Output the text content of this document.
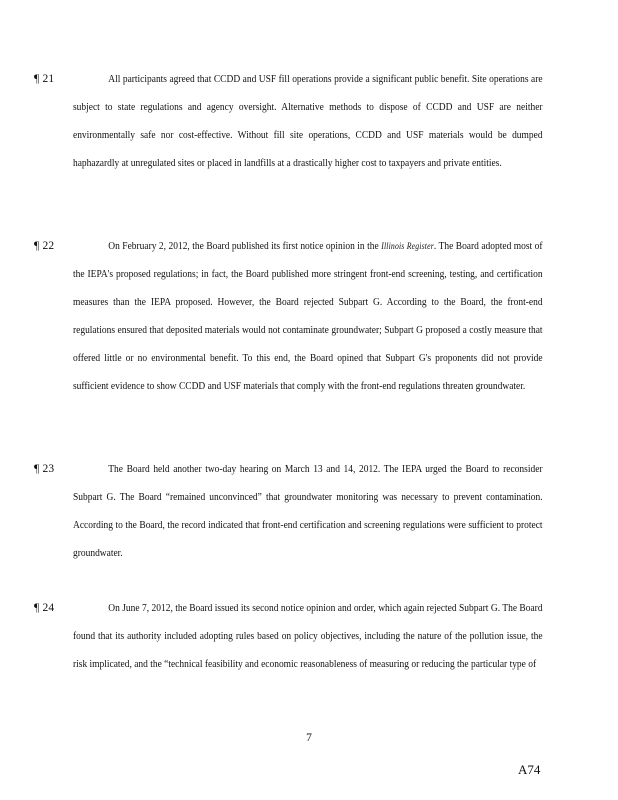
¶ 21	All participants agreed that CCDD and USF fill operations provide a significant public benefit. Site operations are subject to state regulations and agency oversight. Alternative methods to dispose of CCDD and USF are neither environmentally safe nor cost-effective. Without fill site operations, CCDD and USF materials would be dumped haphazardly at unregulated sites or placed in landfills at a drastically higher cost to taxpayers and private entities.
¶ 22	On February 2, 2012, the Board published its first notice opinion in the Illinois Register. The Board adopted most of the IEPA's proposed regulations; in fact, the Board published more stringent front-end screening, testing, and certification measures than the IEPA proposed. However, the Board rejected Subpart G. According to the Board, the front-end regulations ensured that deposited materials would not contaminate groundwater; Subpart G proposed a costly measure that offered little or no environmental benefit. To this end, the Board opined that Subpart G's proponents did not provide sufficient evidence to show CCDD and USF materials that comply with the front-end regulations threaten groundwater.
¶ 23	The Board held another two-day hearing on March 13 and 14, 2012. The IEPA urged the Board to reconsider Subpart G. The Board “remained unconvinced” that groundwater monitoring was necessary to prevent contamination. According to the Board, the record indicated that front-end certification and screening regulations were sufficient to protect groundwater.
¶ 24	On June 7, 2012, the Board issued its second notice opinion and order, which again rejected Subpart G. The Board found that its authority included adopting rules based on policy objectives, including the nature of the pollution issue, the risk implicated, and the “technical feasibility and economic reasonableness of measuring or reducing the particular type of
7
A74
